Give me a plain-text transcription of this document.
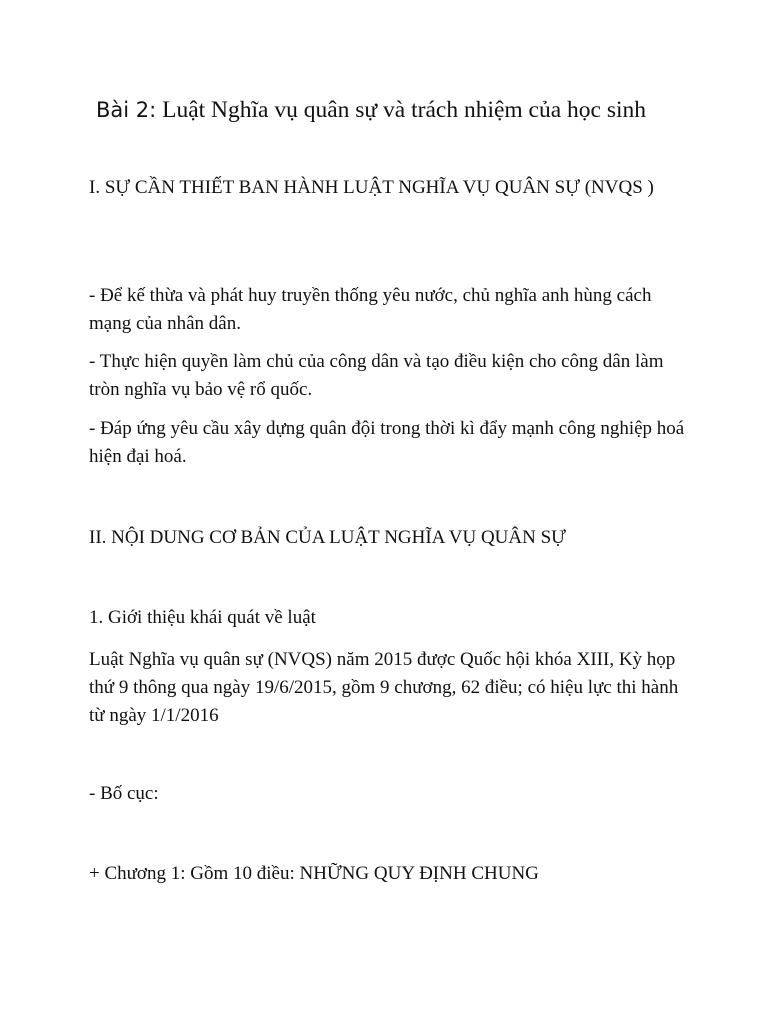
Bài 2: Luật Nghĩa vụ quân sự và trách nhiệm của học sinh

I. SỰ CẦN THIẾT BAN HÀNH LUẬT NGHĨA VỤ QUÂN SỰ (NVQS )

- Để kế thừa và phát huy truyền thống yêu nước, chủ nghĩa anh hùng cách mạng của nhân dân.

- Thực hiện quyền làm chủ của công dân và tạo điều kiện cho công dân làm tròn nghĩa vụ bảo vệ rổ quốc.

- Đáp ứng yêu cầu xây dựng quân đội trong thời kì đẩy mạnh công nghiệp hoá hiện đại hoá.

II. NỘI DUNG CƠ BẢN CỦA LUẬT NGHĨA VỤ QUÂN SỰ

1. Giới thiệu khái quát về luật

Luật Nghĩa vụ quân sự (NVQS) năm 2015 được Quốc hội khóa XIII, Kỳ họp thứ 9 thông qua ngày 19/6/2015, gồm 9 chương, 62 điều; có hiệu lực thi hành từ ngày 1/1/2016

- Bố cục:

+ Chương 1: Gồm 10 điều: NHỮNG QUY ĐỊNH CHUNG
